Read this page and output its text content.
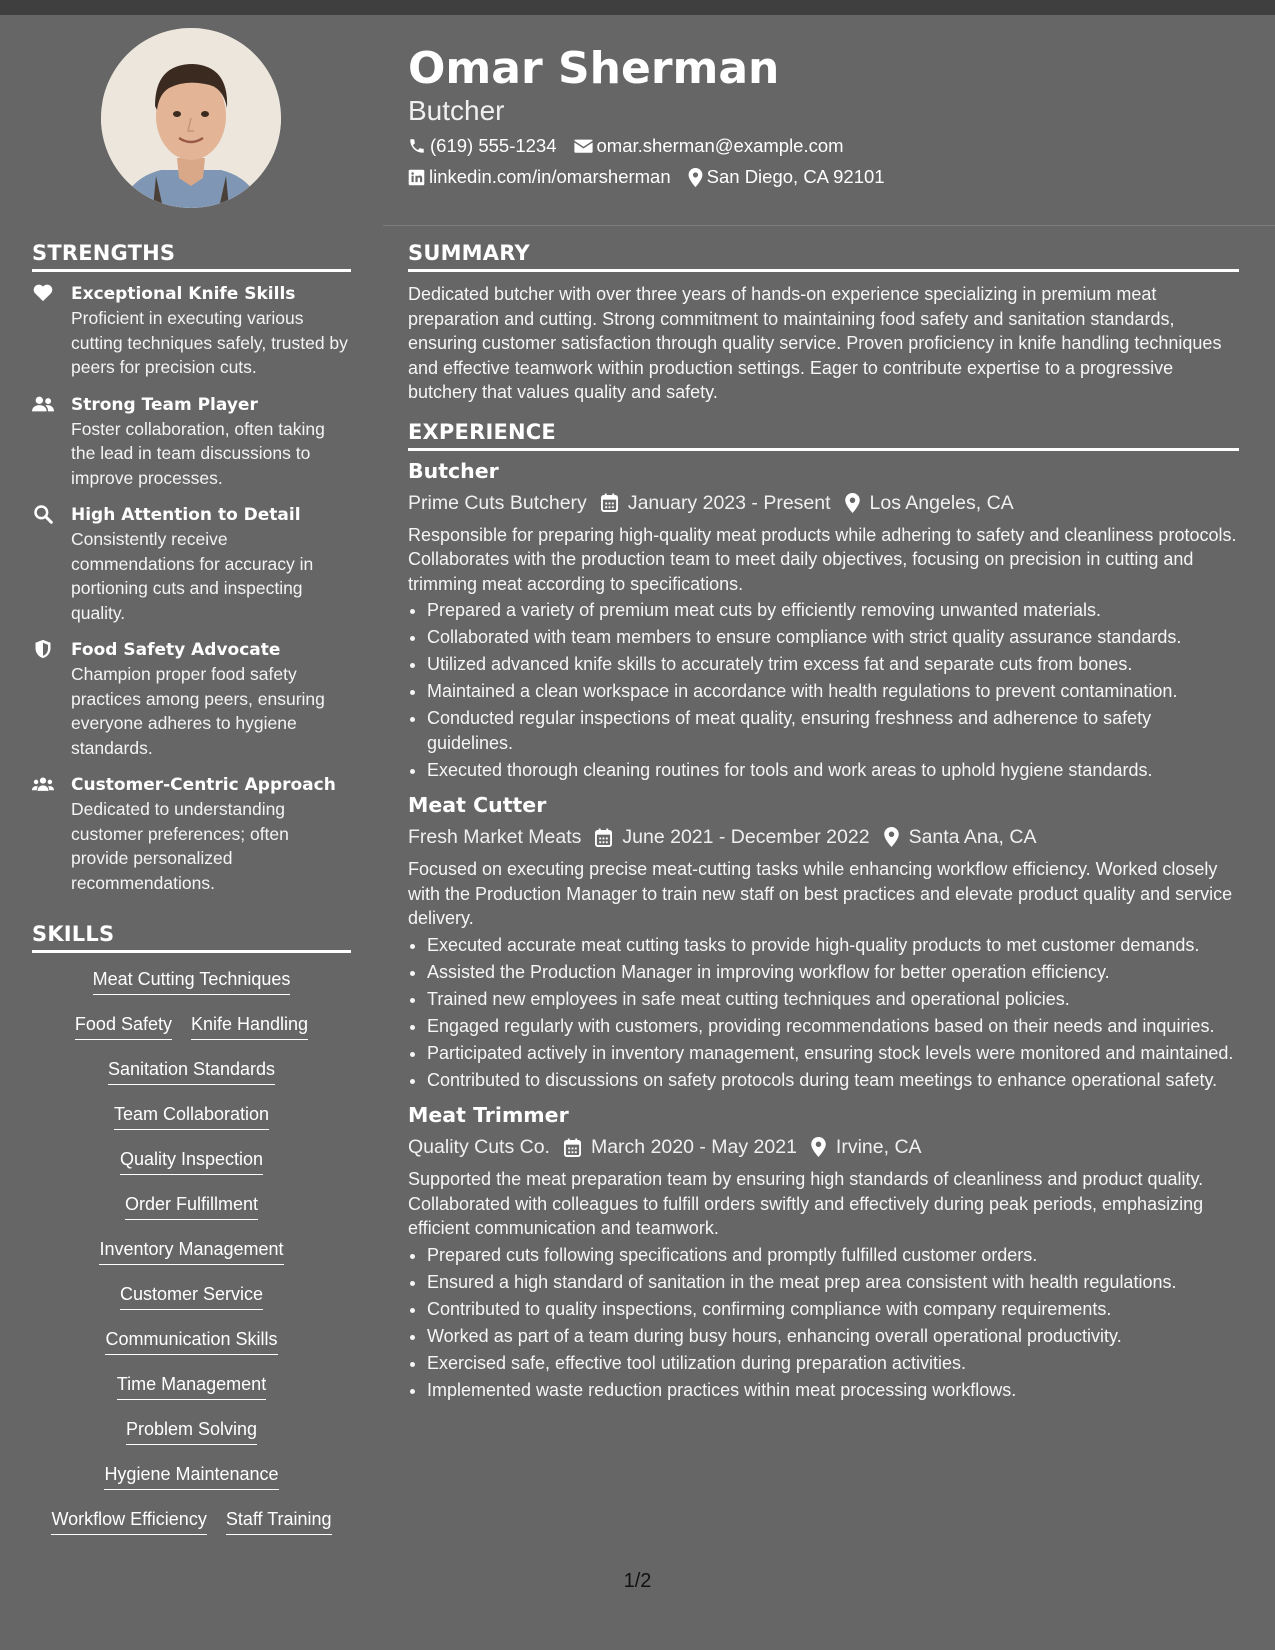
Omar Sherman
Butcher
(619) 555-1234 omar.sherman@example.com
linkedin.com/in/omarsherman San Diego, CA 92101
STRENGTHS
Exceptional Knife Skills
Proficient in executing various cutting techniques safely, trusted by peers for precision cuts.
Strong Team Player
Foster collaboration, often taking the lead in team discussions to improve processes.
High Attention to Detail
Consistently receive commendations for accuracy in portioning cuts and inspecting quality.
Food Safety Advocate
Champion proper food safety practices among peers, ensuring everyone adheres to hygiene standards.
Customer-Centric Approach
Dedicated to understanding customer preferences; often provide personalized recommendations.
SKILLS
Meat Cutting Techniques
Food Safety Knife Handling
Sanitation Standards
Team Collaboration
Quality Inspection
Order Fulfillment
Inventory Management
Customer Service
Communication Skills
Time Management
Problem Solving
Hygiene Maintenance
Workflow Efficiency Staff Training
SUMMARY
Dedicated butcher with over three years of hands-on experience specializing in premium meat preparation and cutting. Strong commitment to maintaining food safety and sanitation standards, ensuring customer satisfaction through quality service. Proven proficiency in knife handling techniques and effective teamwork within production settings. Eager to contribute expertise to a progressive butchery that values quality and safety.
EXPERIENCE
Butcher
Prime Cuts Butchery January 2023 - Present Los Angeles, CA
Responsible for preparing high-quality meat products while adhering to safety and cleanliness protocols. Collaborates with the production team to meet daily objectives, focusing on precision in cutting and trimming meat according to specifications.
• Prepared a variety of premium meat cuts by efficiently removing unwanted materials.
• Collaborated with team members to ensure compliance with strict quality assurance standards.
• Utilized advanced knife skills to accurately trim excess fat and separate cuts from bones.
• Maintained a clean workspace in accordance with health regulations to prevent contamination.
• Conducted regular inspections of meat quality, ensuring freshness and adherence to safety guidelines.
• Executed thorough cleaning routines for tools and work areas to uphold hygiene standards.
Meat Cutter
Fresh Market Meats June 2021 - December 2022 Santa Ana, CA
Focused on executing precise meat-cutting tasks while enhancing workflow efficiency. Worked closely with the Production Manager to train new staff on best practices and elevate product quality and service delivery.
• Executed accurate meat cutting tasks to provide high-quality products to met customer demands.
• Assisted the Production Manager in improving workflow for better operation efficiency.
• Trained new employees in safe meat cutting techniques and operational policies.
• Engaged regularly with customers, providing recommendations based on their needs and inquiries.
• Participated actively in inventory management, ensuring stock levels were monitored and maintained.
• Contributed to discussions on safety protocols during team meetings to enhance operational safety.
Meat Trimmer
Quality Cuts Co. March 2020 - May 2021 Irvine, CA
Supported the meat preparation team by ensuring high standards of cleanliness and product quality. Collaborated with colleagues to fulfill orders swiftly and effectively during peak periods, emphasizing efficient communication and teamwork.
• Prepared cuts following specifications and promptly fulfilled customer orders.
• Ensured a high standard of sanitation in the meat prep area consistent with health regulations.
• Contributed to quality inspections, confirming compliance with company requirements.
• Worked as part of a team during busy hours, enhancing overall operational productivity.
• Exercised safe, effective tool utilization during preparation activities.
• Implemented waste reduction practices within meat processing workflows.
1/2
